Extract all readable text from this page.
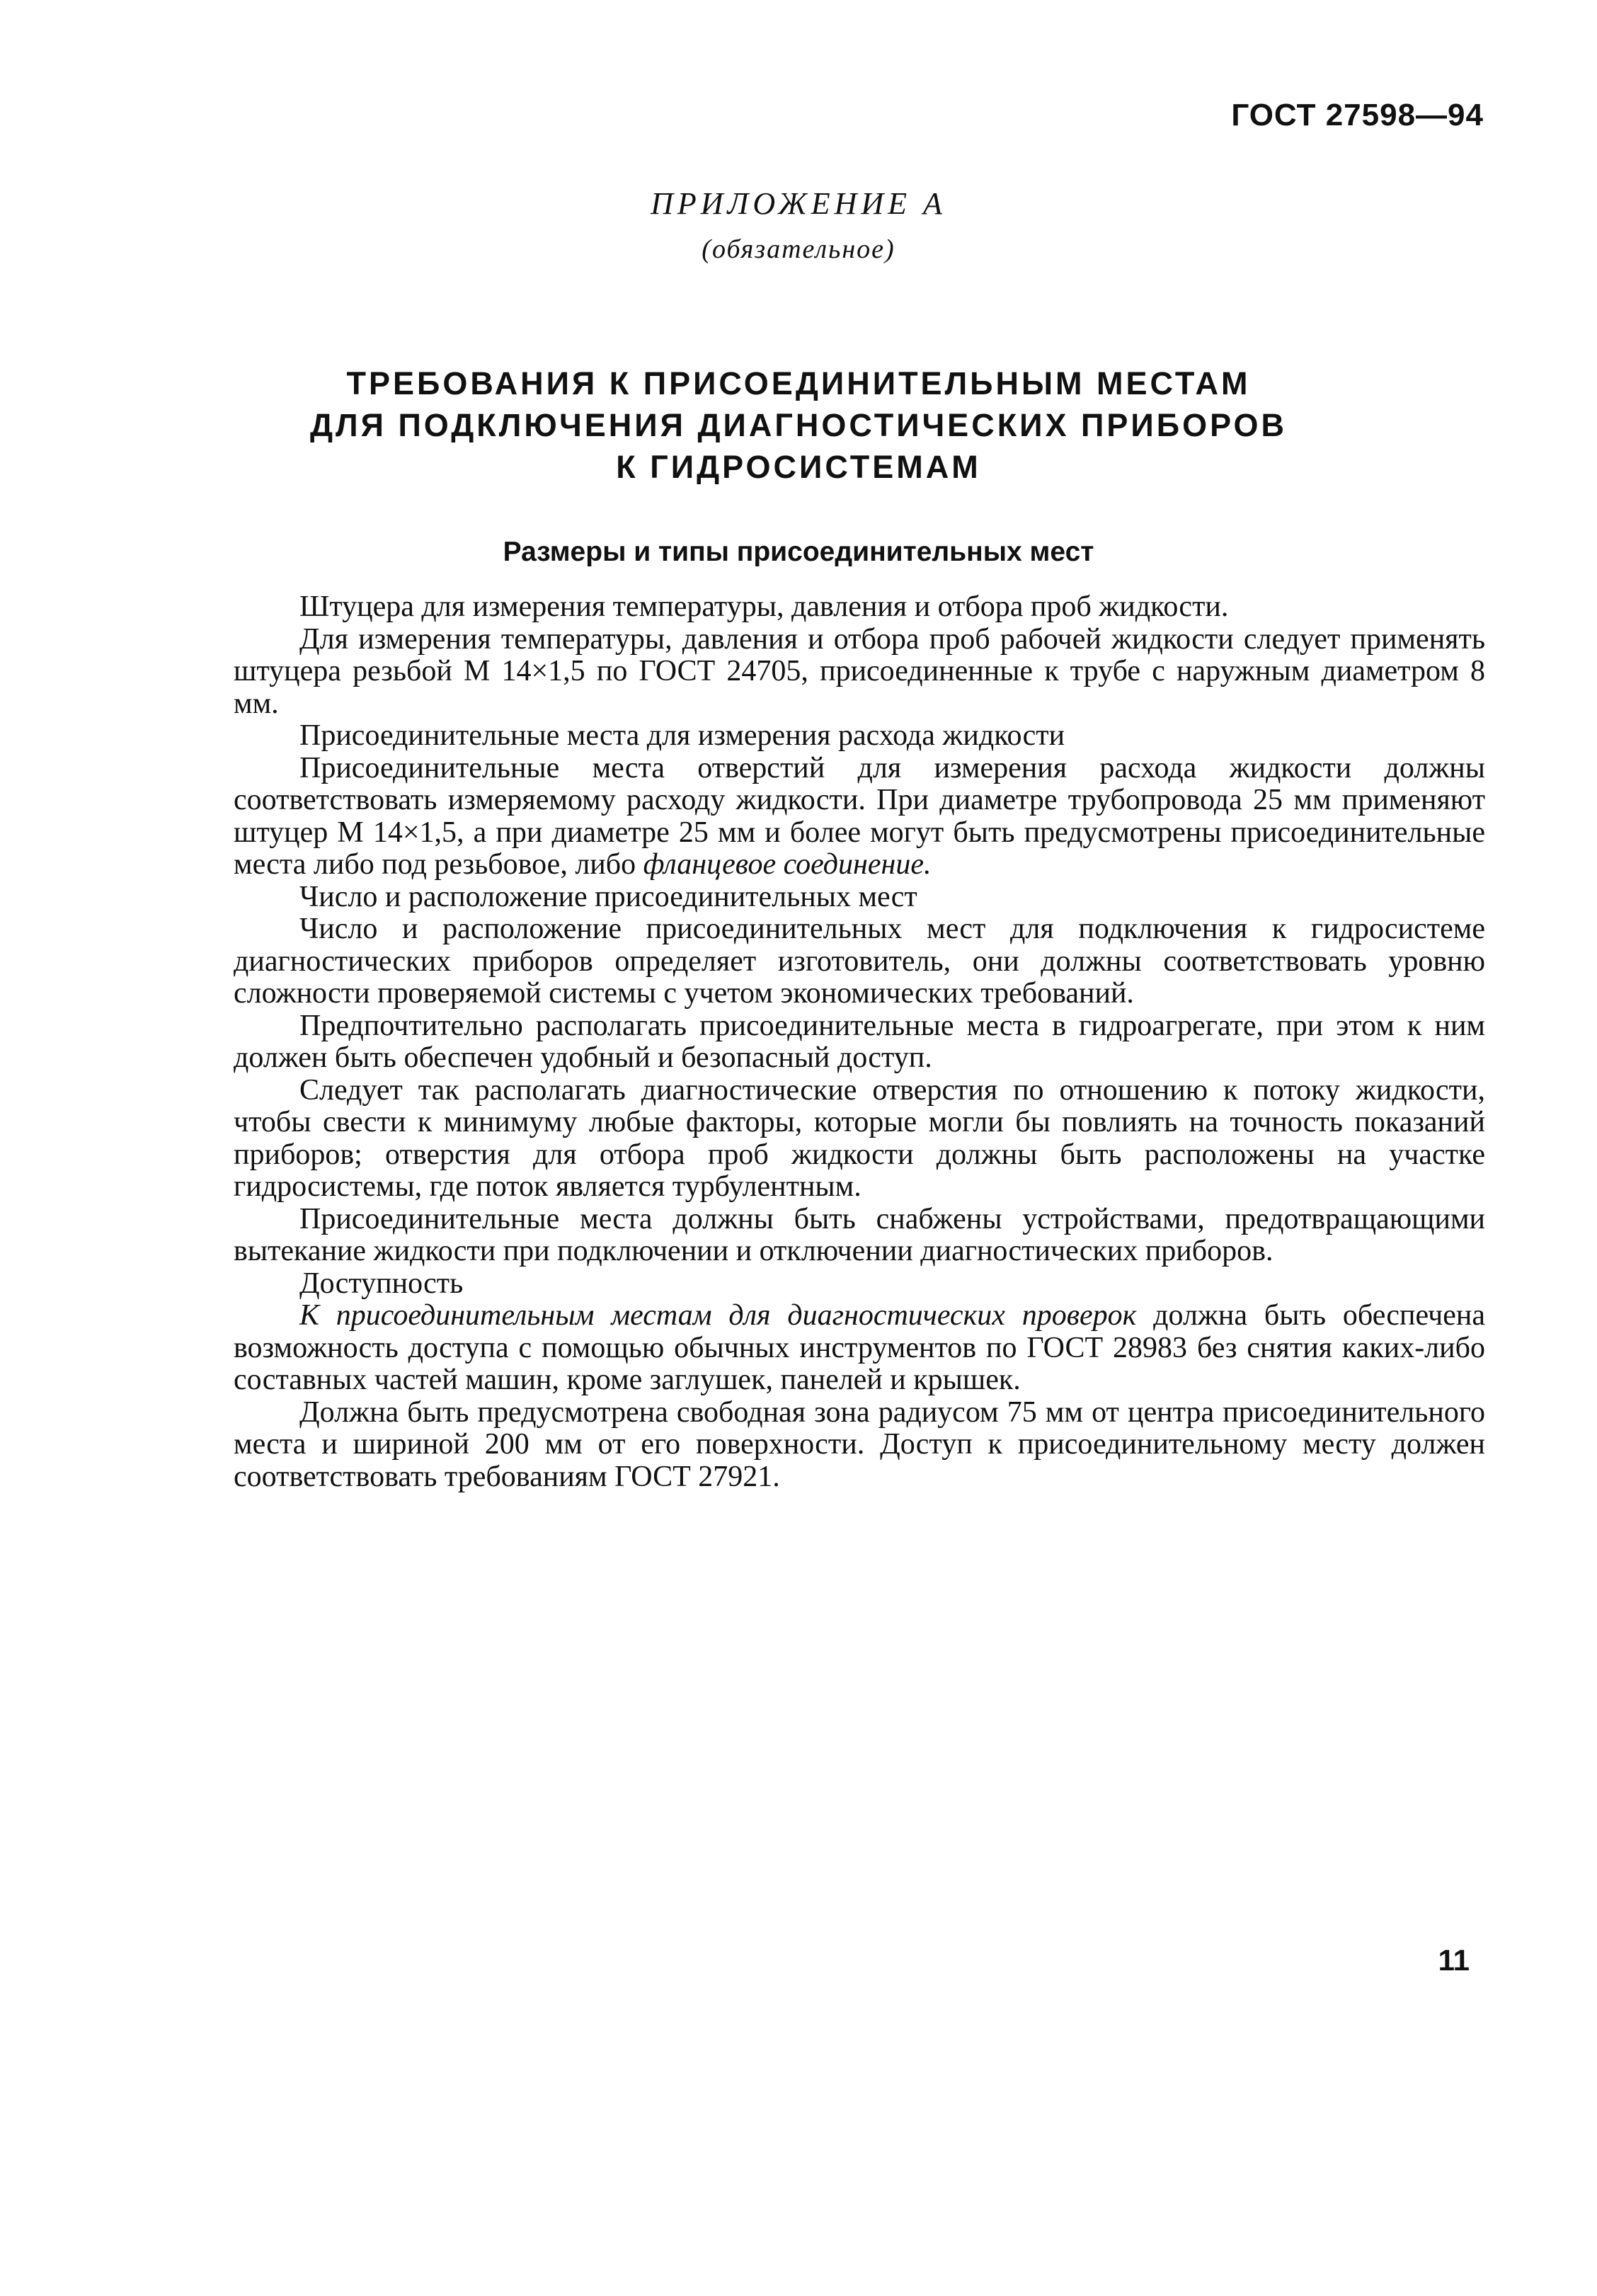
ГОСТ 27598—94

ПРИЛОЖЕНИЕ А

(обязательное)

ТРЕБОВАНИЯ К ПРИСОЕДИНИТЕЛЬНЫМ МЕСТАМ
ДЛЯ ПОДКЛЮЧЕНИЯ ДИАГНОСТИЧЕСКИХ ПРИБОРОВ
К ГИДРОСИСТЕМАМ
Размеры и типы присоединительных мест

Штуцера для измерения температуры, давления и отбора проб жидкости.

Для измерения температуры, давления и отбора проб рабочей жидкости следует применять штуцера резьбой М 14×1,5 по ГОСТ 24705, присоединенные к трубе с наружным диаметром 8 мм.

Присоединительные места для измерения расхода жидкости

Присоединительные места отверстий для измерения расхода жидкости должны соответствовать измеряемому расходу жидкости. При диаметре трубопровода 25 мм применяют штуцер М 14×1,5, а при диаметре 25 мм и более могут быть предусмотрены присоединительные места либо под резьбовое, либо фланцевое соединение.

Число и расположение присоединительных мест

Число и расположение присоединительных мест для подключения к гидросистеме диагностических приборов определяет изготовитель, они должны соответствовать уровню сложности проверяемой системы с учетом экономических требований.

Предпочтительно располагать присоединительные места в гидроагрегате, при этом к ним должен быть обеспечен удобный и безопасный доступ.

Следует так располагать диагностические отверстия по отношению к потоку жидкости, чтобы свести к минимуму любые факторы, которые могли бы повлиять на точность показаний приборов; отверстия для отбора проб жидкости должны быть расположены на участке гидросистемы, где поток является турбулентным.

Присоединительные места должны быть снабжены устройствами, предотвращающими вытекание жидкости при подключении и отключении диагностических приборов.

Доступность

К присоединительным местам для диагностических проверок должна быть обеспечена возможность доступа с помощью обычных инструментов по ГОСТ 28983 без снятия каких-либо составных частей машин, кроме заглушек, панелей и крышек.

Должна быть предусмотрена свободная зона радиусом 75 мм от центра присоединительного места и шириной 200 мм от его поверхности. Доступ к присоединительному месту должен соответствовать требованиям ГОСТ 27921.

11
